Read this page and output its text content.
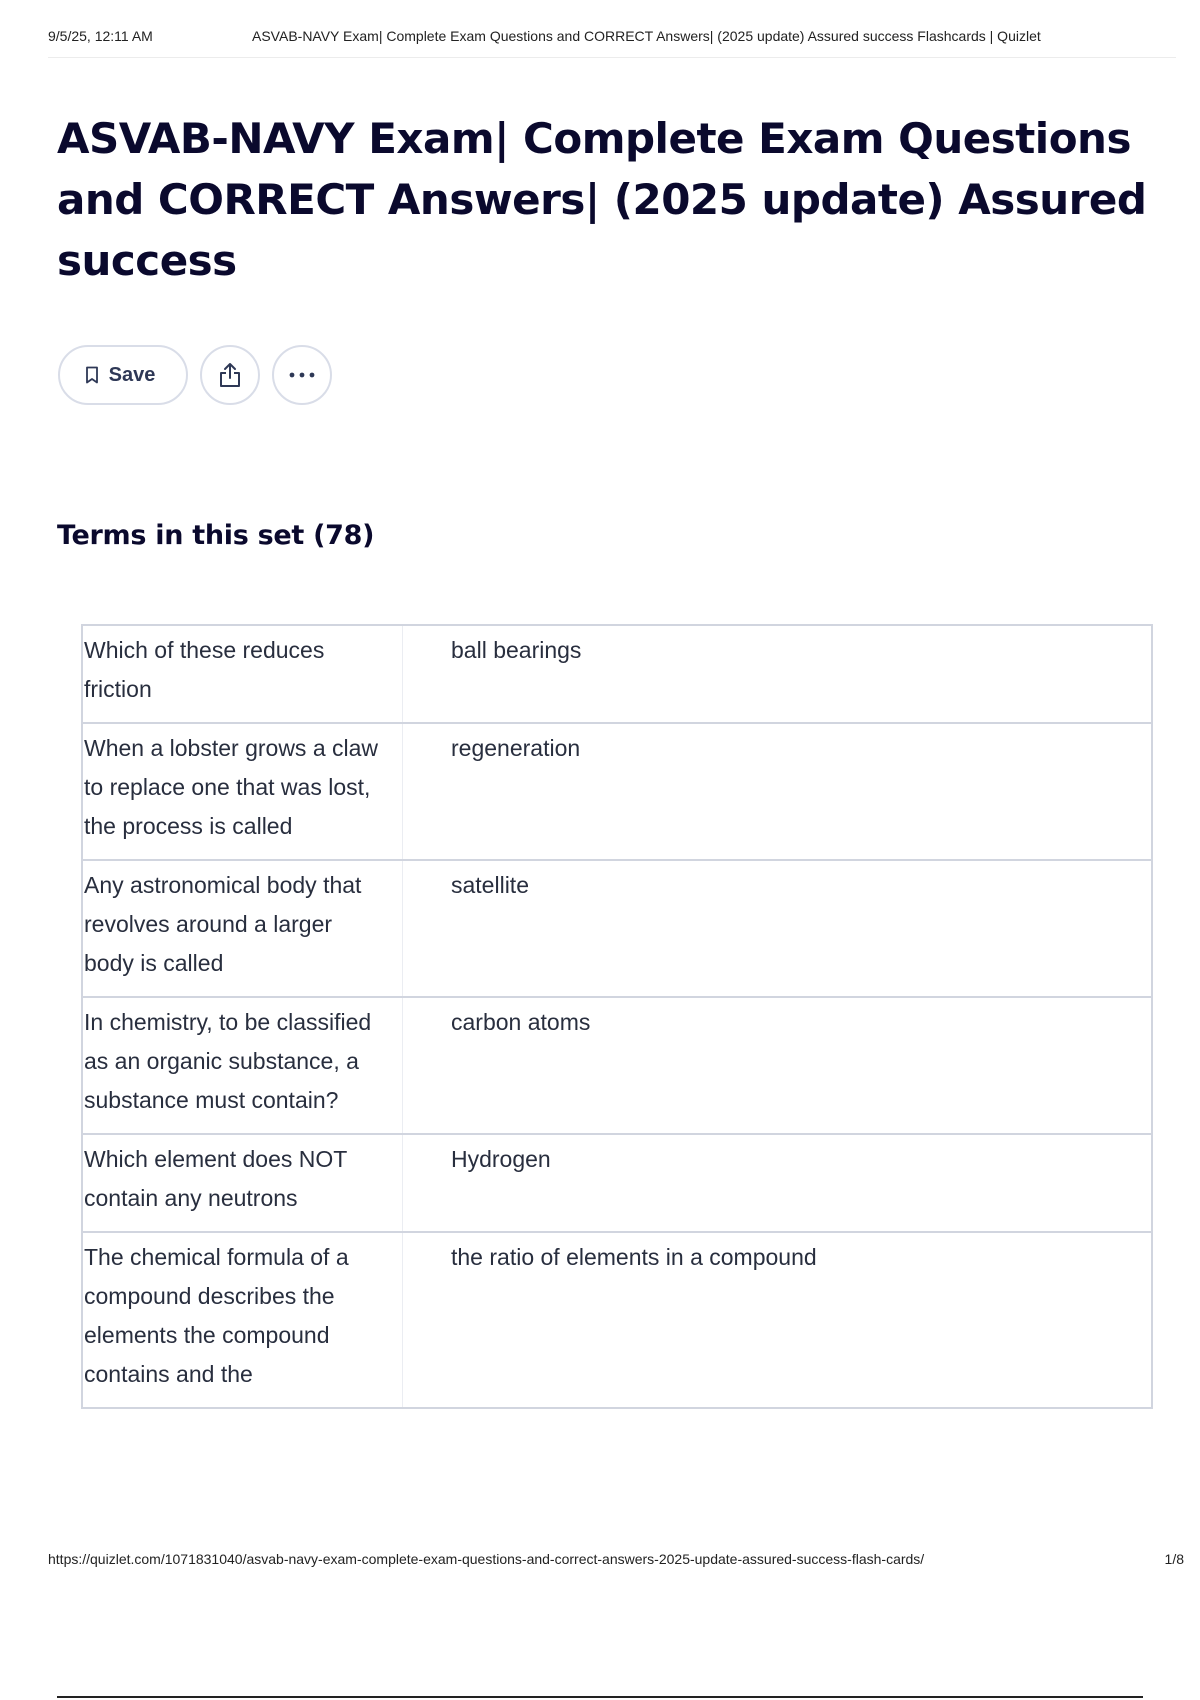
9/5/25, 12:11 AM	ASVAB-NAVY Exam| Complete Exam Questions and CORRECT Answers| (2025 update) Assured success Flashcards | Quizlet
ASVAB-NAVY Exam| Complete Exam Questions and CORRECT Answers| (2025 update) Assured success
Save
Terms in this set (78)
Which of these reduces friction
ball bearings
When a lobster grows a claw to replace one that was lost, the process is called
regeneration
Any astronomical body that revolves around a larger body is called
satellite
In chemistry, to be classified as an organic substance, a substance must contain?
carbon atoms
Which element does NOT contain any neutrons
Hydrogen
The chemical formula of a compound describes the elements the compound contains and the
the ratio of elements in a compound
https://quizlet.com/1071831040/asvab-navy-exam-complete-exam-questions-and-correct-answers-2025-update-assured-success-flash-cards/	1/8
